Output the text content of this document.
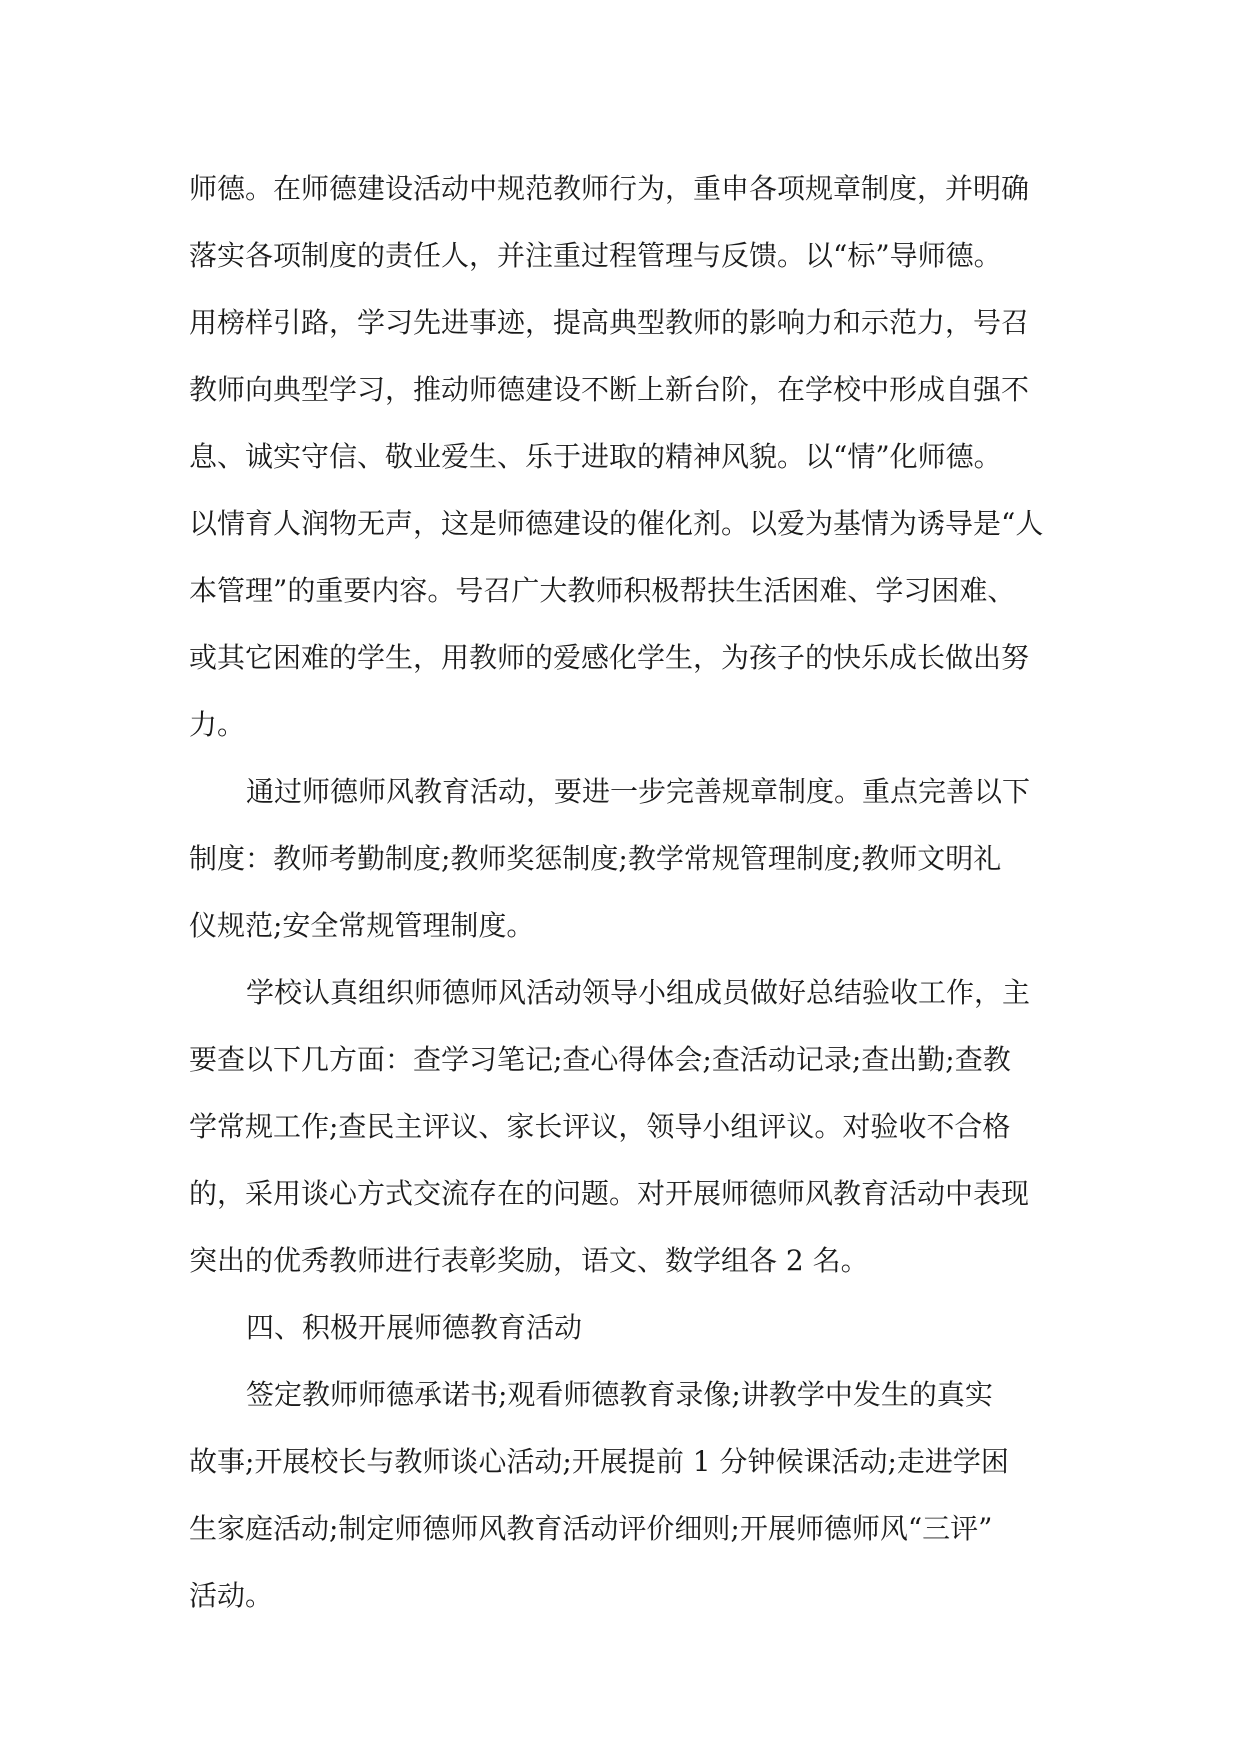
师德。在师德建设活动中规范教师行为，重申各项规章制度，并明确
落实各项制度的责任人，并注重过程管理与反馈。以“标”导师德。
用榜样引路，学习先进事迹，提高典型教师的影响力和示范力，号召
教师向典型学习，推动师德建设不断上新台阶，在学校中形成自强不
息、诚实守信、敬业爱生、乐于进取的精神风貌。以“情”化师德。
以情育人润物无声，这是师德建设的催化剂。以爱为基情为诱导是“人
本管理”的重要内容。号召广大教师积极帮扶生活困难、学习困难、
或其它困难的学生，用教师的爱感化学生，为孩子的快乐成长做出努
力。
通过师德师风教育活动，要进一步完善规章制度。重点完善以下
制度：教师考勤制度;教师奖惩制度;教学常规管理制度;教师文明礼
仪规范;安全常规管理制度。
学校认真组织师德师风活动领导小组成员做好总结验收工作，主
要查以下几方面：查学习笔记;查心得体会;查活动记录;查出勤;查教
学常规工作;查民主评议、家长评议，领导小组评议。对验收不合格
的，采用谈心方式交流存在的问题。对开展师德师风教育活动中表现
突出的优秀教师进行表彰奖励，语文、数学组各 2 名。
四、积极开展师德教育活动
签定教师师德承诺书;观看师德教育录像;讲教学中发生的真实
故事;开展校长与教师谈心活动;开展提前 1 分钟候课活动;走进学困
生家庭活动;制定师德师风教育活动评价细则;开展师德师风“三评”
活动。
